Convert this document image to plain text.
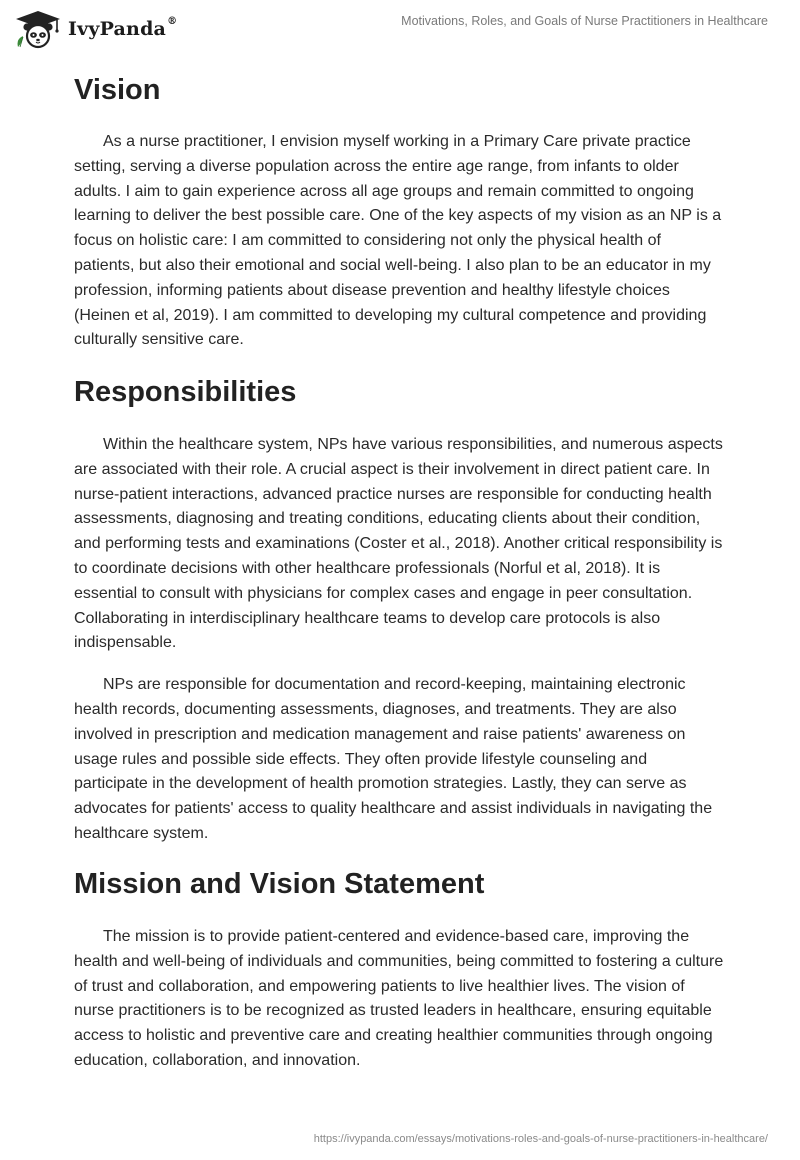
IvyPanda®	Motivations, Roles, and Goals of Nurse Practitioners in Healthcare
Vision

As a nurse practitioner, I envision myself working in a Primary Care private practice setting, serving a diverse population across the entire age range, from infants to older adults. I aim to gain experience across all age groups and remain committed to ongoing learning to deliver the best possible care. One of the key aspects of my vision as an NP is a focus on holistic care: I am committed to considering not only the physical health of patients, but also their emotional and social well-being. I also plan to be an educator in my profession, informing patients about disease prevention and healthy lifestyle choices (Heinen et al, 2019). I am committed to developing my cultural competence and providing culturally sensitive care.

Responsibilities

Within the healthcare system, NPs have various responsibilities, and numerous aspects are associated with their role. A crucial aspect is their involvement in direct patient care. In nurse-patient interactions, advanced practice nurses are responsible for conducting health assessments, diagnosing and treating conditions, educating clients about their condition, and performing tests and examinations (Coster et al., 2018). Another critical responsibility is to coordinate decisions with other healthcare professionals (Norful et al, 2018). It is essential to consult with physicians for complex cases and engage in peer consultation. Collaborating in interdisciplinary healthcare teams to develop care protocols is also indispensable.

NPs are responsible for documentation and record-keeping, maintaining electronic health records, documenting assessments, diagnoses, and treatments. They are also involved in prescription and medication management and raise patients' awareness on usage rules and possible side effects. They often provide lifestyle counseling and participate in the development of health promotion strategies. Lastly, they can serve as advocates for patients' access to quality healthcare and assist individuals in navigating the healthcare system.

Mission and Vision Statement

The mission is to provide patient-centered and evidence-based care, improving the health and well-being of individuals and communities, being committed to fostering a culture of trust and collaboration, and empowering patients to live healthier lives. The vision of nurse practitioners is to be recognized as trusted leaders in healthcare, ensuring equitable access to holistic and preventive care and creating healthier communities through ongoing education, collaboration, and innovation.

https://ivypanda.com/essays/motivations-roles-and-goals-of-nurse-practitioners-in-healthcare/
